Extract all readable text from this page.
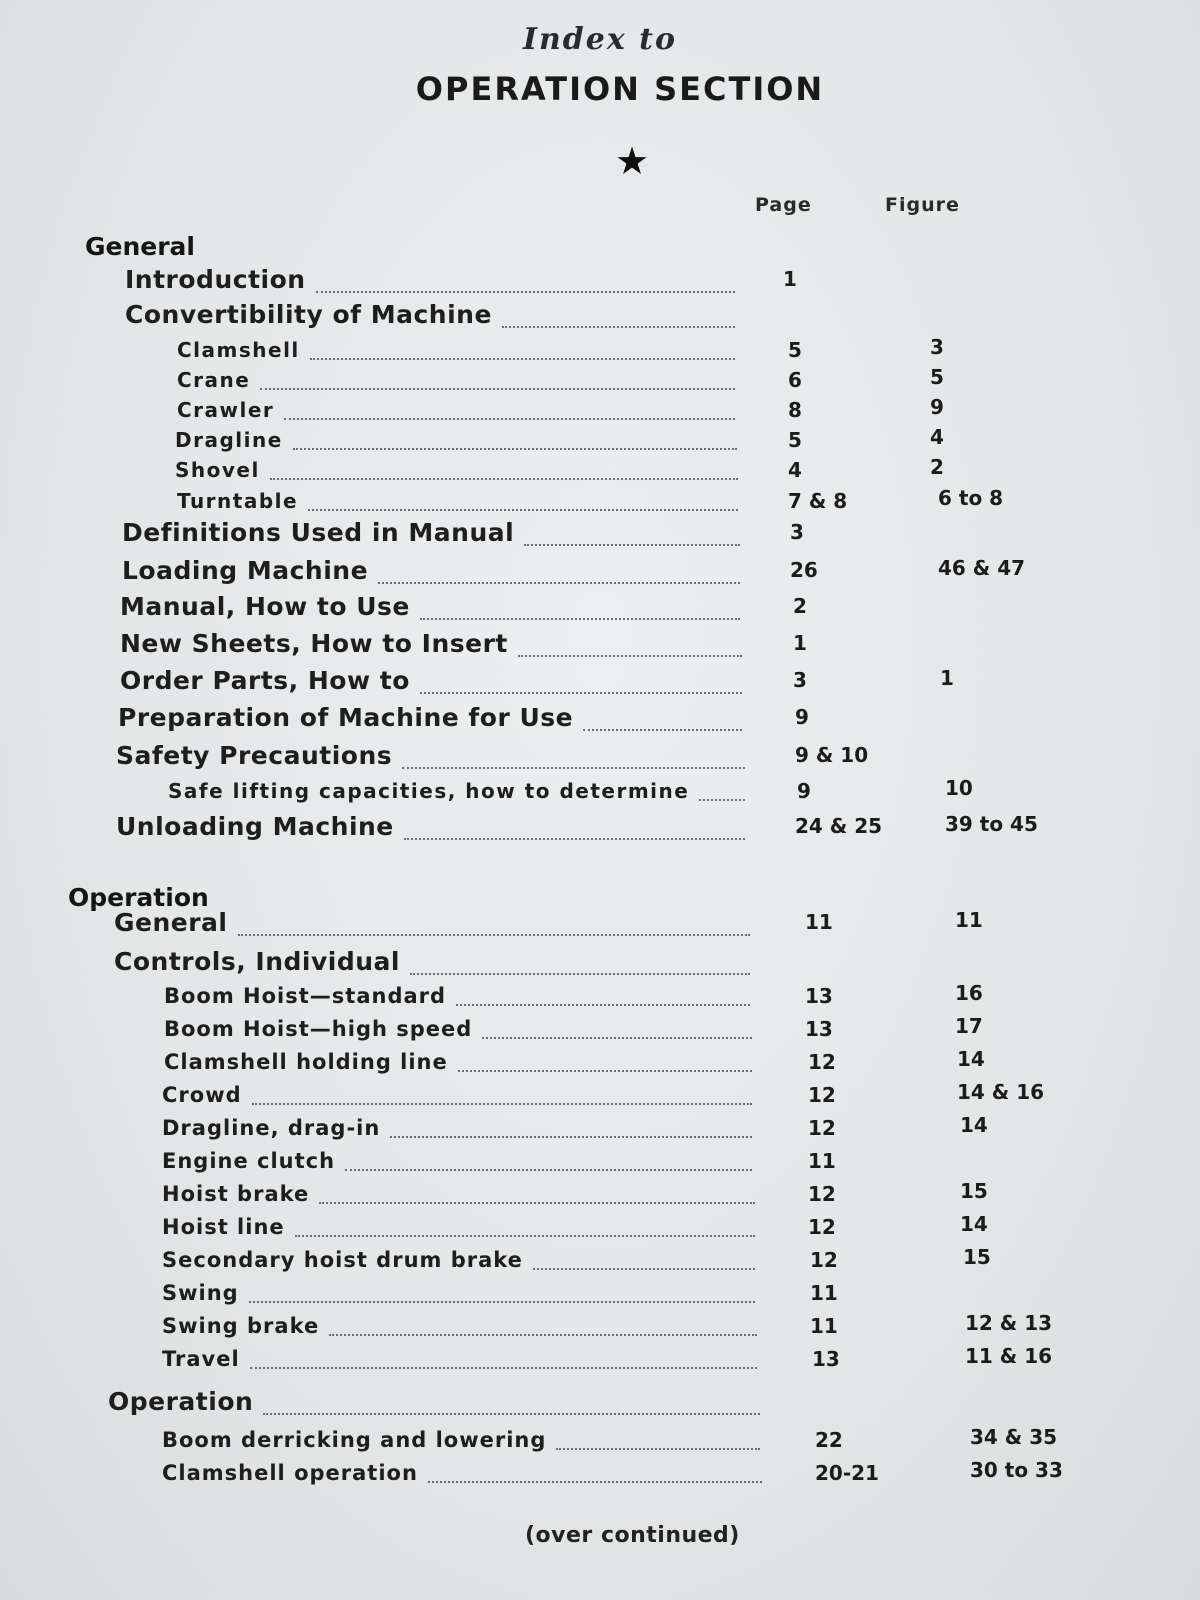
Index to
OPERATION SECTION
★
Page	Figure
General
Operation
Introduction	1
Convertibility of Machine
Clamshell	5	3
Crane	6	5
Crawler	8	9
Dragline	5	4
Shovel	4	2
Turntable	7 & 8	6 to 8
Definitions Used in Manual	3
Loading Machine	26	46 & 47
Manual, How to Use	2
New Sheets, How to Insert	1
Order Parts, How to	3	1
Preparation of Machine for Use	9
Safety Precautions	9 & 10
Safe lifting capacities, how to determine	9	10
Unloading Machine	24 & 25	39 to 45
General	11	11
Controls, Individual
Boom Hoist—standard	13	16
Boom Hoist—high speed	13	17
Clamshell holding line	12	14
Crowd	12	14 & 16
Dragline, drag-in	12	14
Engine clutch	11
Hoist brake	12	15
Hoist line	12	14
Secondary hoist drum brake	12	15
Swing	11
Swing brake	11	12 & 13
Travel	13	11 & 16
Operation
Boom derricking and lowering	22	34 & 35
Clamshell operation	20-21	30 to 33
(over continued)
